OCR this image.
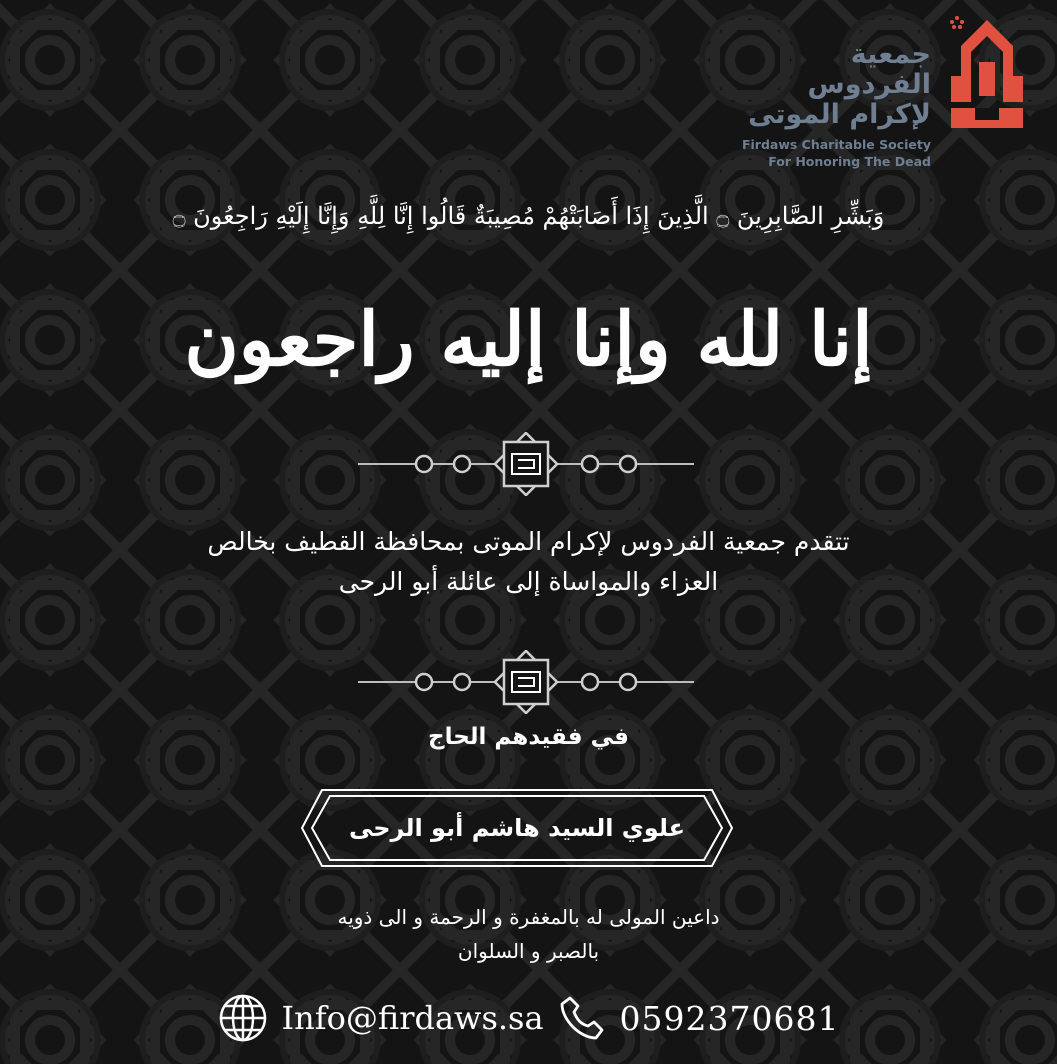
جمعية الفردوس
لإكرام الموتى
Firdaws Charitable Society
For Honoring The Dead
وَبَشِّرِ الصَّابِرِينَ ۝ الَّذِينَ إِذَا أَصَابَتْهُمْ مُصِيبَةٌ قَالُوا إِنَّا لِلَّهِ وَإِنَّا إِلَيْهِ رَاجِعُونَ ۝
إنا لله وإنا إليه راجعون
تتقدم جمعية الفردوس لإكرام الموتى بمحافظة القطيف بخالص
العزاء والمواساة إلى عائلة أبو الرحى
في فقيدهم الحاج
علوي السيد هاشم أبو الرحى
داعين المولى له بالمغفرة و الرحمة و الى ذويه
بالصبر و السلوان
Info@firdaws.sa 0592370681
